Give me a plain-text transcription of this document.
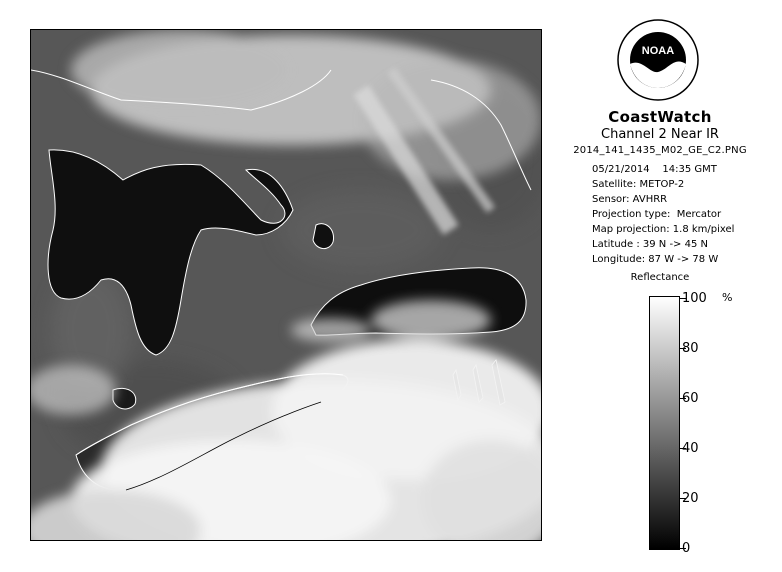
NOAA
CoastWatch
Channel 2 Near IR
2014_141_1435_M02_GE_C2.PNG
05/21/2014 14:35 GMT
Satellite: METOP-2
Sensor: AVHRR
Projection type:  Mercator
Map projection: 1.8 km/pixel
Latitude : 39 N -> 45 N
Longitude: 87 W -> 78 W
Reflectance
%
100
80
60
40
20
0
